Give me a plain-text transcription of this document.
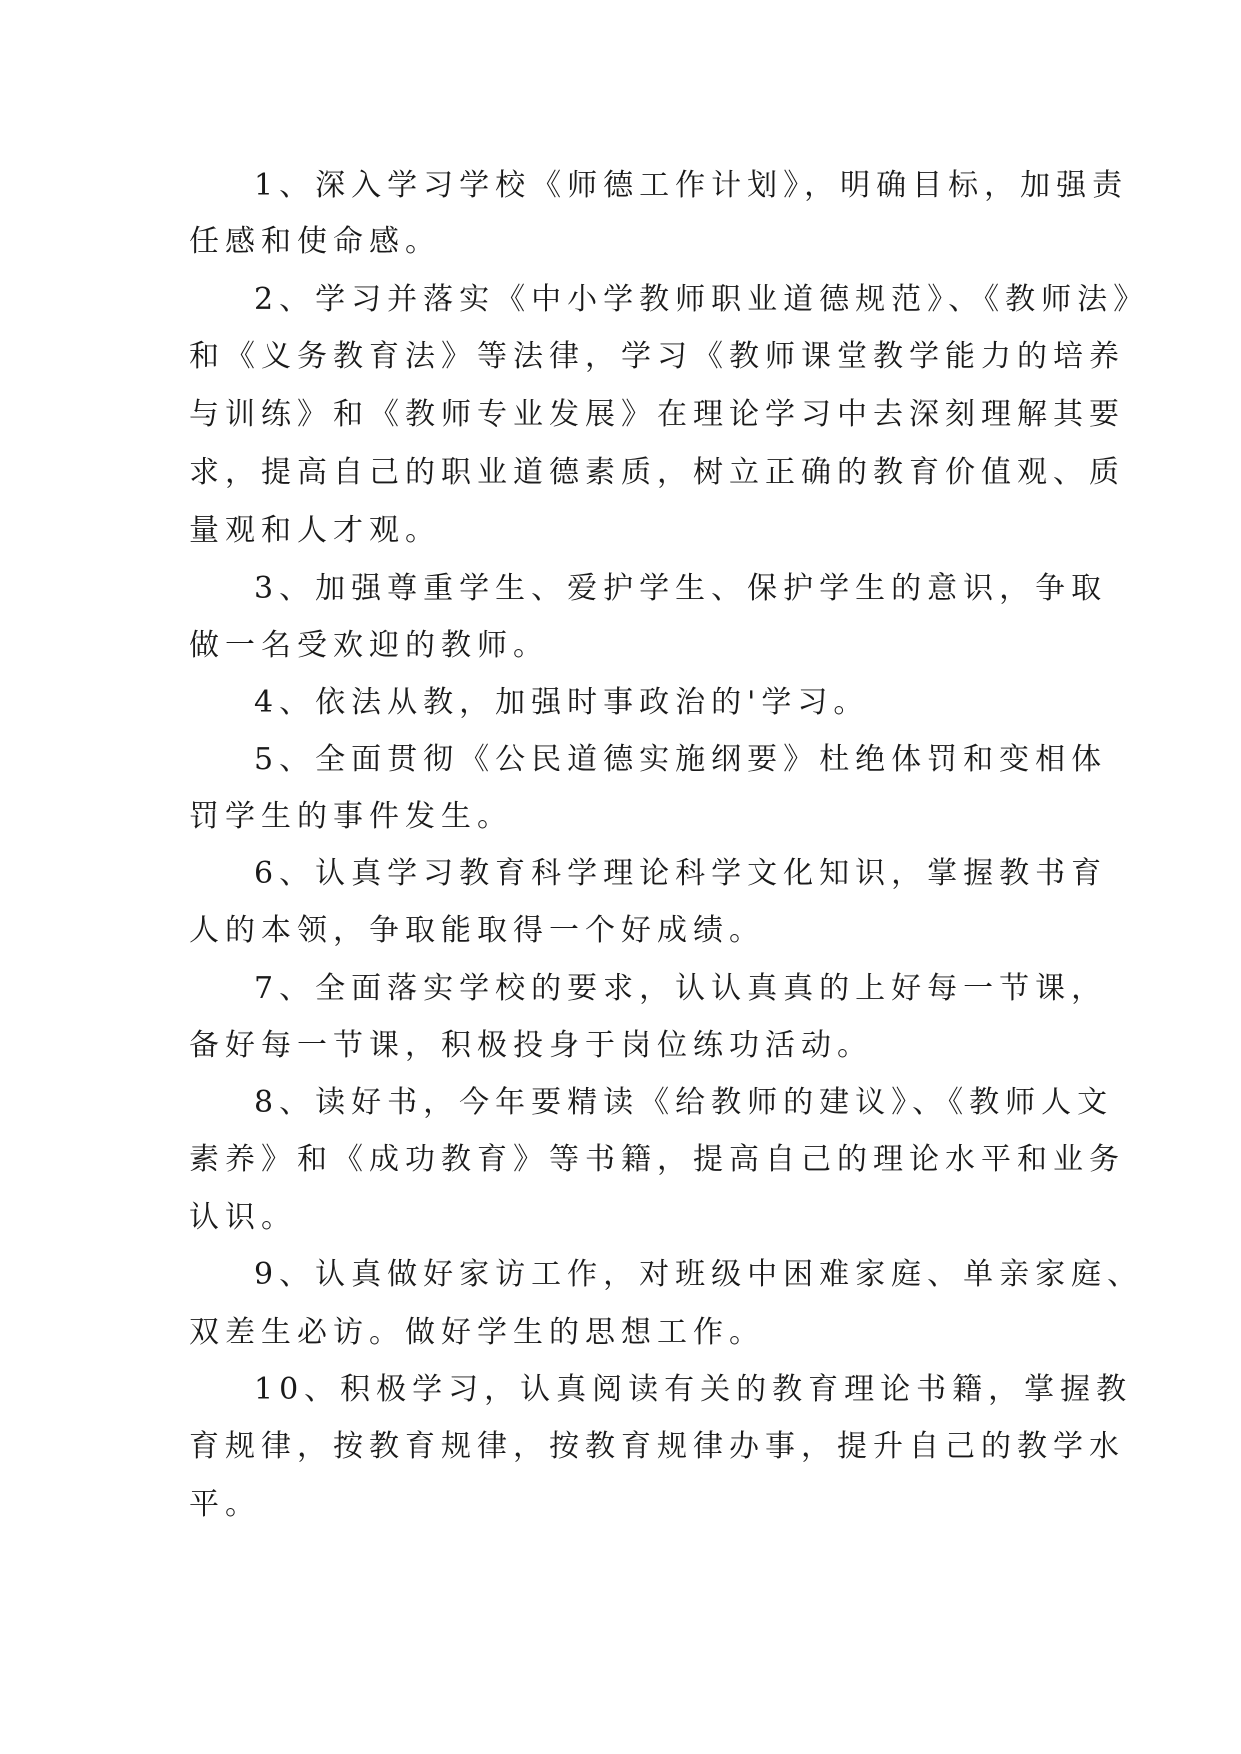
1、深入学习学校《师德工作计划》，明确目标，加强责
任感和使命感。
2、学习并落实《中小学教师职业道德规范》、《教师法》
和《义务教育法》等法律，学习《教师课堂教学能力的培养
与训练》和《教师专业发展》在理论学习中去深刻理解其要
求，提高自己的职业道德素质，树立正确的教育价值观、质
量观和人才观。
3、加强尊重学生、爱护学生、保护学生的意识，争取
做一名受欢迎的教师。
4、依法从教，加强时事政治的'学习。
5、全面贯彻《公民道德实施纲要》杜绝体罚和变相体
罚学生的事件发生。
6、认真学习教育科学理论科学文化知识，掌握教书育
人的本领，争取能取得一个好成绩。
7、全面落实学校的要求，认认真真的上好每一节课，
备好每一节课，积极投身于岗位练功活动。
8、读好书，今年要精读《给教师的建议》、《教师人文
素养》和《成功教育》等书籍，提高自己的理论水平和业务
认识。
9、认真做好家访工作，对班级中困难家庭、单亲家庭、
双差生必访。做好学生的思想工作。
10、积极学习，认真阅读有关的教育理论书籍，掌握教
育规律，按教育规律，按教育规律办事，提升自己的教学水
平。
